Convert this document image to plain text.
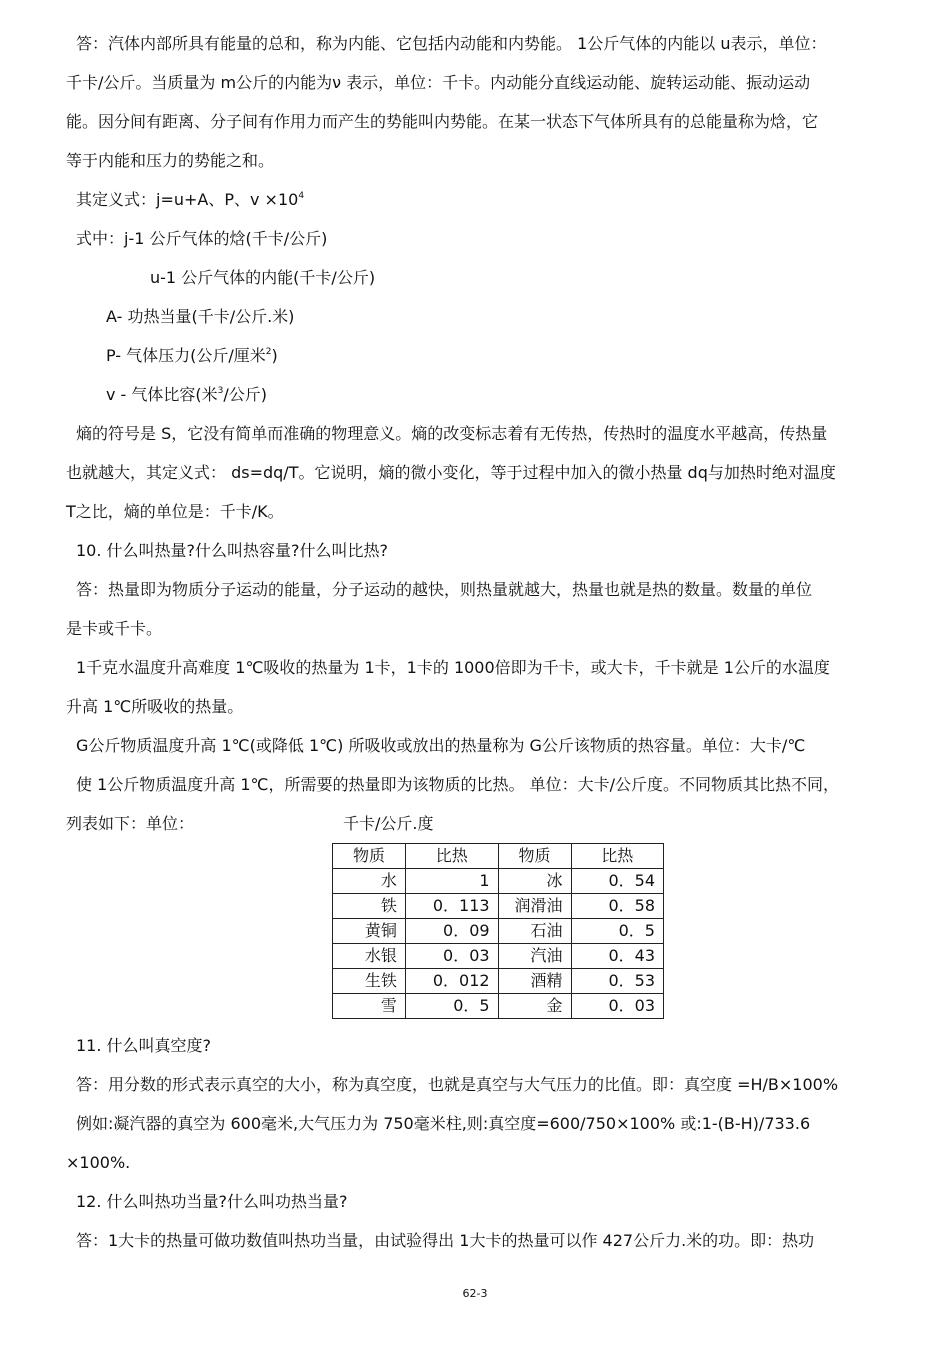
答：汽体内部所具有能量的总和，称为内能、它包括内动能和内势能。 1公斤气体的内能以 u表示，单位：
千卡/公斤。当质量为 m公斤的内能为ν 表示，单位：千卡。内动能分直线运动能、旋转运动能、振动运动
能。因分间有距离、分子间有作用力而产生的势能叫内势能。在某一状态下气体所具有的总能量称为焓，它
等于内能和压力的势能之和。
其定义式：j=u+A、P、$v \times 10^4$
式中：j-1 公斤气体的焓(千卡/公斤)
u-1 公斤气体的内能(千卡/公斤)
A- 功热当量(千卡/公斤.米)
P- 气体压力(公斤/厘米$^2$)
v - 气体比容(米$^3$/公斤)
熵的符号是 S，它没有简单而准确的物理意义。熵的改变标志着有无传热，传热时的温度水平越高，传热量
也就越大，其定义式： ds=dq/T。它说明，熵的微小变化，等于过程中加入的微小热量 dq与加热时绝对温度
T之比，熵的单位是：千卡/K。
10. 什么叫热量?什么叫热容量?什么叫比热?
答：热量即为物质分子运动的能量，分子运动的越快，则热量就越大，热量也就是热的数量。数量的单位
是卡或千卡。
1千克水温度升高难度 1℃吸收的热量为 1卡，1卡的 1000倍即为千卡，或大卡，千卡就是 1公斤的水温度
升高 1℃所吸收的热量。
G公斤物质温度升高 1℃(或降低 1℃) 所吸收或放出的热量称为 G公斤该物质的热容量。单位：大卡/℃
使 1公斤物质温度升高 1℃，所需要的热量即为该物质的比热。 单位：大卡/公斤度。不同物质其比热不同，
列表如下：单位：	千卡/公斤.度
物质	比热	物质	比热
水	1	冰	0．54
铁	0．113	润滑油	0．58
黄铜	0．09	石油	0．5
水银	0．03	汽油	0．43
生铁	0．012	酒精	0．53
雪	0．5	金	0．03
11. 什么叫真空度?
答：用分数的形式表示真空的大小，称为真空度，也就是真空与大气压力的比值。即：真空度 =H/B×100%
例如:凝汽器的真空为 600毫米,大气压力为 750毫米柱,则:真空度=600/750×100% 或:1-(B-H)/733.6
×100%.
12. 什么叫热功当量?什么叫功热当量?
答：1大卡的热量可做功数值叫热功当量，由试验得出 1大卡的热量可以作 427公斤力.米的功。即：热功
62-3
